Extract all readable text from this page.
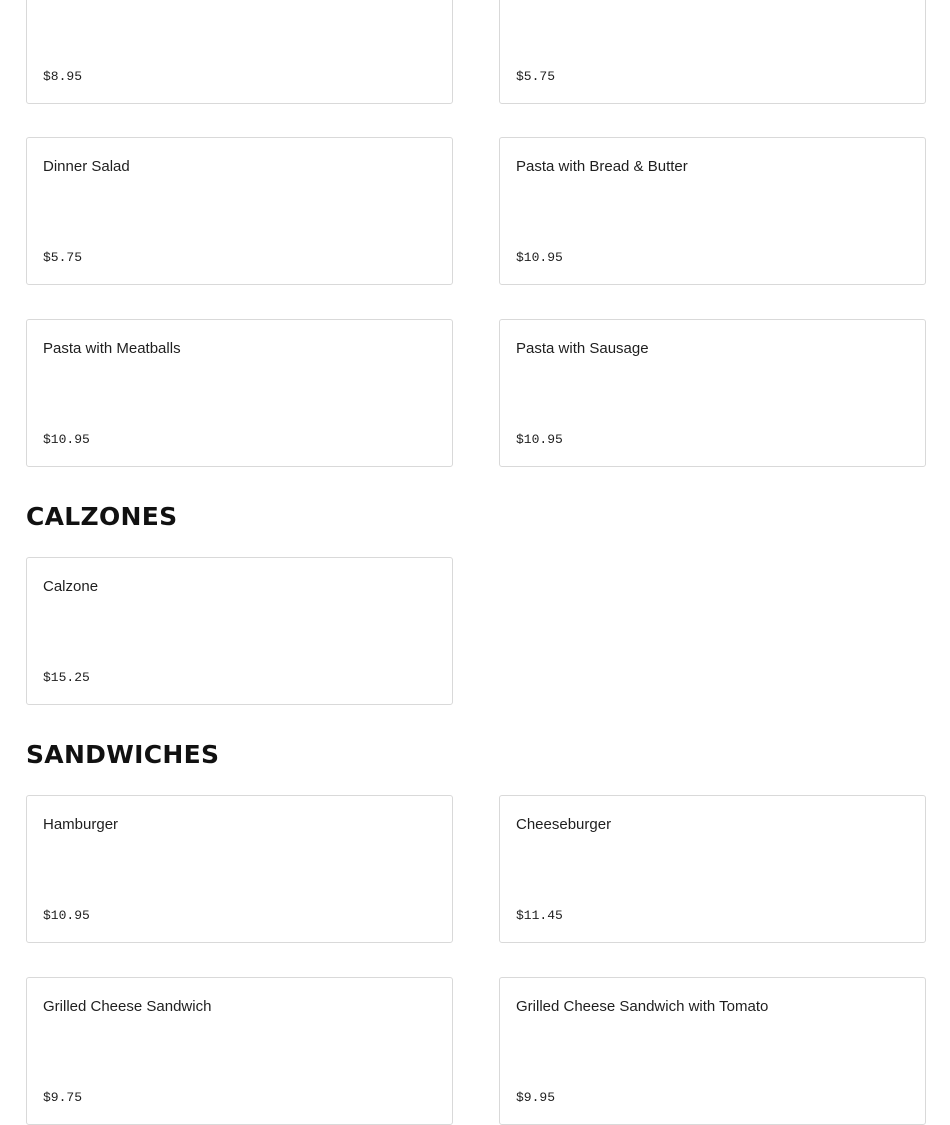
$8.95	$5.75
Dinner Salad
$5.75
Pasta with Bread & Butter
$10.95
Pasta with Meatballs
$10.95
Pasta with Sausage
$10.95
CALZONES
Calzone
$15.25
SANDWICHES
Hamburger
$10.95
Cheeseburger
$11.45
Grilled Cheese Sandwich
$9.75
Grilled Cheese Sandwich with Tomato
$9.95
